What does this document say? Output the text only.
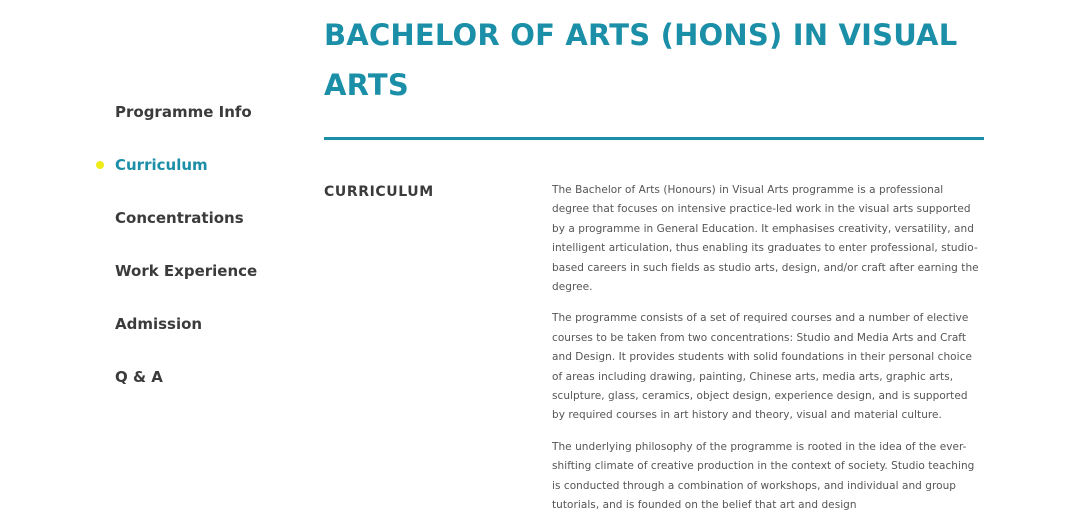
BACHELOR OF ARTS (HONS) IN VISUAL ARTS
Programme Info
Curriculum
Concentrations
Work Experience
Admission
Q & A
CURRICULUM	The Bachelor of Arts (Honours) in Visual Arts programme is a professional degree that focuses on intensive practice-led work in the visual arts supported by a programme in General Education. It emphasises creativity, versatility, and intelligent articulation, thus enabling its graduates to enter professional, studio-based careers in such fields as studio arts, design, and/or craft after earning the degree.

The programme consists of a set of required courses and a number of elective courses to be taken from two concentrations: Studio and Media Arts and Craft and Design. It provides students with solid foundations in their personal choice of areas including drawing, painting, Chinese arts, media arts, graphic arts, sculpture, glass, ceramics, object design, experience design, and is supported by required courses in art history and theory, visual and material culture.

The underlying philosophy of the programme is rooted in the idea of the ever-shifting climate of creative production in the context of society. Studio teaching is conducted through a combination of workshops, and individual and group tutorials, and is founded on the belief that art and design
